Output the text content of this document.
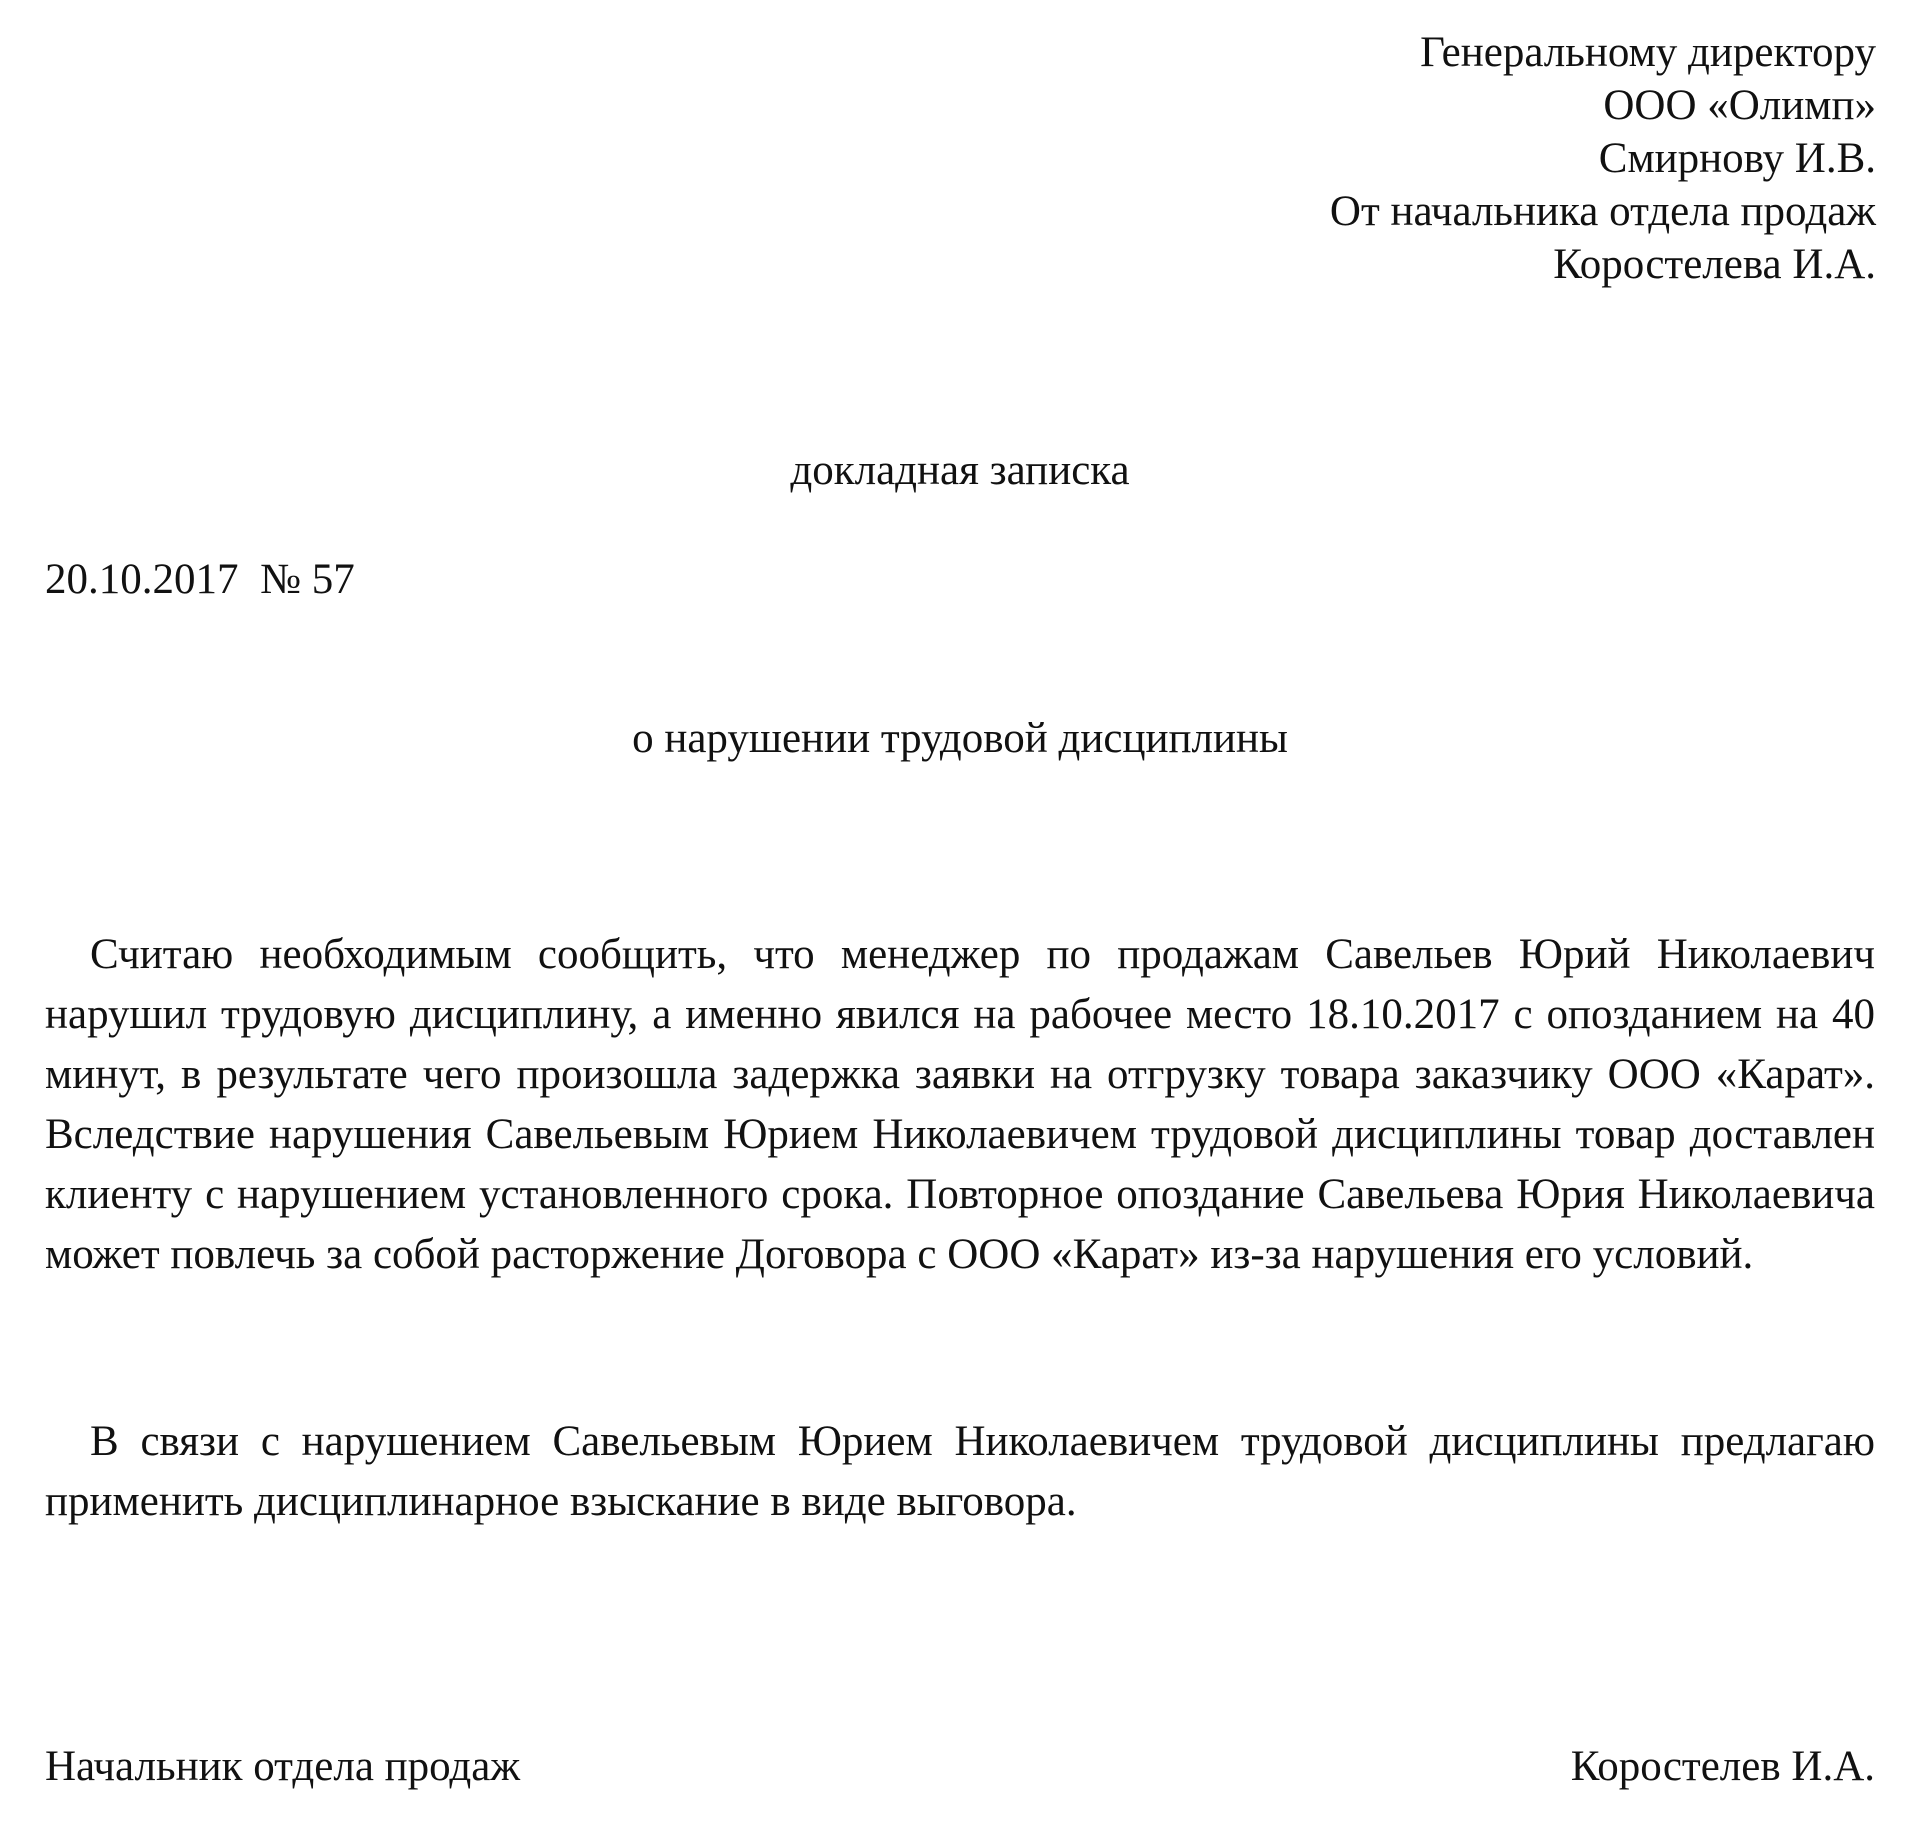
Генеральному директору
ООО «Олимп»
Смирнову И.В.
От начальника отдела продаж
Коростелева И.А.
докладная записка
20.10.2017 № 57
о нарушении трудовой дисциплины

Считаю необходимым сообщить, что менеджер по продажам Савельев Юрий Николаевич нарушил трудовую дисциплину, а именно явился на рабочее место 18.10.2017 с опозданием на 40 минут, в результате чего произошла задержка заявки на отгрузку товара заказчику ООО «Карат». Вследствие нарушения Савельевым Юрием Николаевичем трудовой дисциплины товар доставлен клиенту с нарушением установленного срока. Повторное опоздание Савельева Юрия Николаевича может повлечь за собой расторжение Договора с ООО «Карат» из-за нарушения его условий.

В связи с нарушением Савельевым Юрием Николаевичем трудовой дисциплины предлагаю применить дисциплинарное взыскание в виде выговора.

Начальник отдела продаж	Коростелев И.А.
